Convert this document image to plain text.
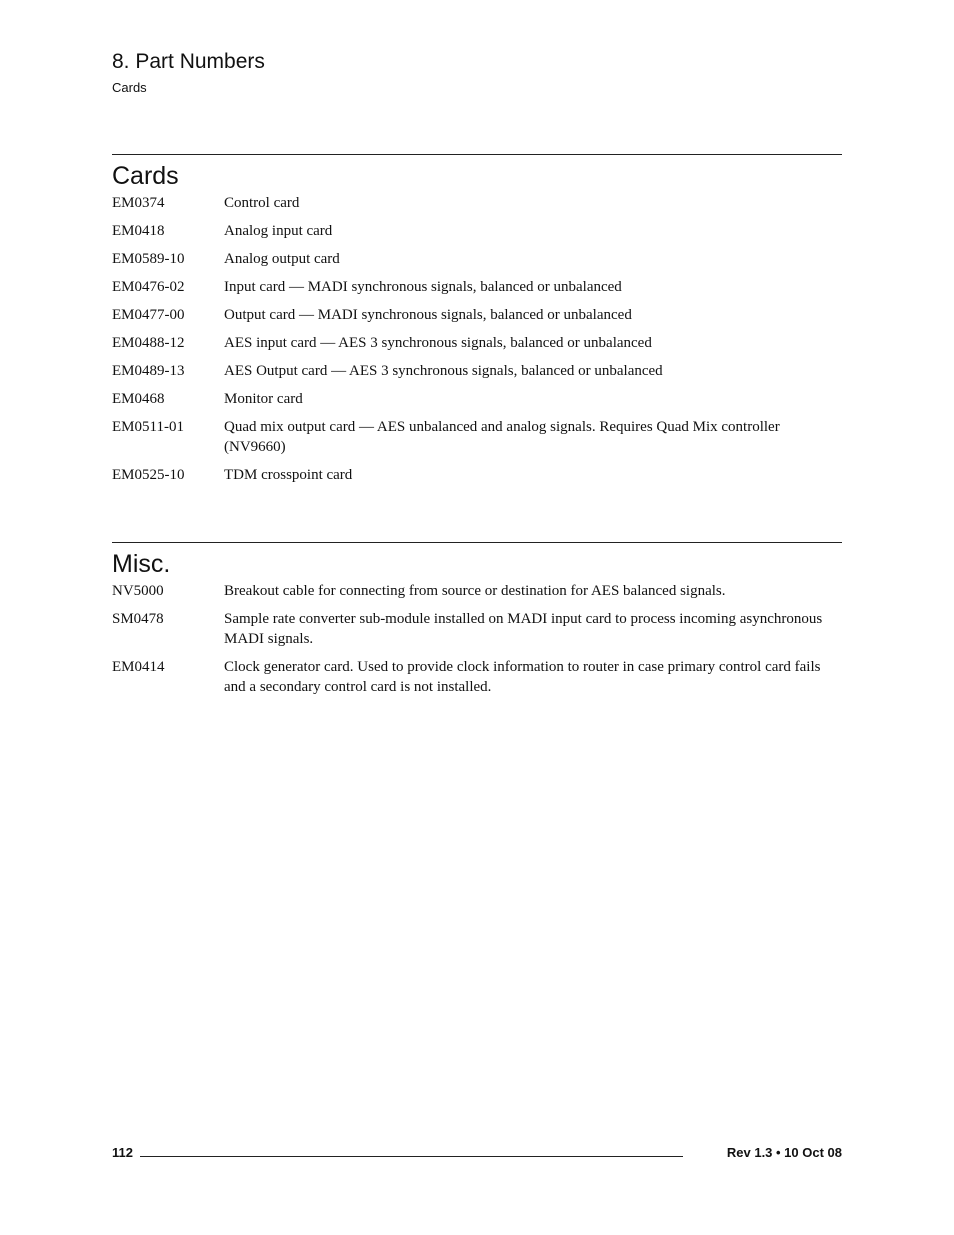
8. Part Numbers
Cards
Cards
EM0374	Control card
EM0418	Analog input card
EM0589-10	Analog output card
EM0476-02	Input card — MADI synchronous signals, balanced or unbalanced
EM0477-00	Output card — MADI synchronous signals, balanced or unbalanced
EM0488-12	AES input card — AES 3 synchronous signals, balanced or unbalanced
EM0489-13	AES Output card — AES 3 synchronous signals, balanced or unbalanced
EM0468	Monitor card
EM0511-01	Quad mix output card — AES unbalanced and analog signals. Requires Quad Mix controller (NV9660)
EM0525-10	TDM crosspoint card
Misc.
NV5000	Breakout cable for connecting from source or destination for AES balanced signals.
SM0478	Sample rate converter sub-module installed on MADI input card to process incoming asynchronous MADI signals.
EM0414	Clock generator card. Used to provide clock information to router in case primary control card fails and a secondary control card is not installed.
112	Rev 1.3 • 10 Oct 08
